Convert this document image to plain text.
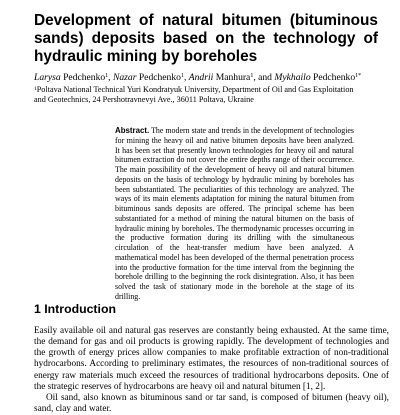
Development of natural bitumen (bituminous sands) deposits based on the technology of hydraulic mining by boreholes
Larysa Pedchenko$^1$, Nazar Pedchenko$^1$, Andrii Manhura$^1$, and Mykhailo Pedchenko$^{1*}$
$^1$Poltava National Technical Yuri Kondratyuk University, Department of Oil and Gas Exploitation
and Geotechnics, 24 Pershotravnevyi Ave., 36011 Poltava, Ukraine
Abstract. The modern state and trends in the development of technologies for mining the heavy oil and native bitumen deposits have been analyzed. It has been set that presently known technologies for heavy oil and natural bitumen extraction do not cover the entire depths range of their occurrence. The main possibility of the development of heavy oil and natural bitumen deposits on the basis of technology by hydraulic mining by boreholes has been substantiated. The peculiarities of this technology are analyzed. The ways of its main elements adaptation for mining the natural bitumen from bituminous sands deposits are offered. The principal scheme has been substantiated for a method of mining the natural bitumen on the basis of hydraulic mining by boreholes. The thermodynamic processes occurring in the productive formation during its drilling with the simultaneous circulation of the heat-transfer medium have been analyzed. A mathematical model has been developed of the thermal penetration process into the productive formation for the time interval from the beginning the borehole drilling to the beginning the rock disintegration. Also, it has been solved the task of stationary mode in the borehole at the stage of its drilling.
1 Introduction

Easily available oil and natural gas reserves are constantly being exhausted. At the same time, the demand for gas and oil products is growing rapidly. The development of technologies and the growth of energy prices allow companies to make profitable extraction of non-traditional hydrocarbons. According to preliminary estimates, the resources of non-traditional sources of energy raw materials much exceed the resources of traditional hydrocarbons deposits. One of the strategic reserves of hydrocarbons are heavy oil and natural bitumen [1, 2].

Oil sand, also known as bituminous sand or tar sand, is composed of bitumen (heavy oil), sand, clay and water.
